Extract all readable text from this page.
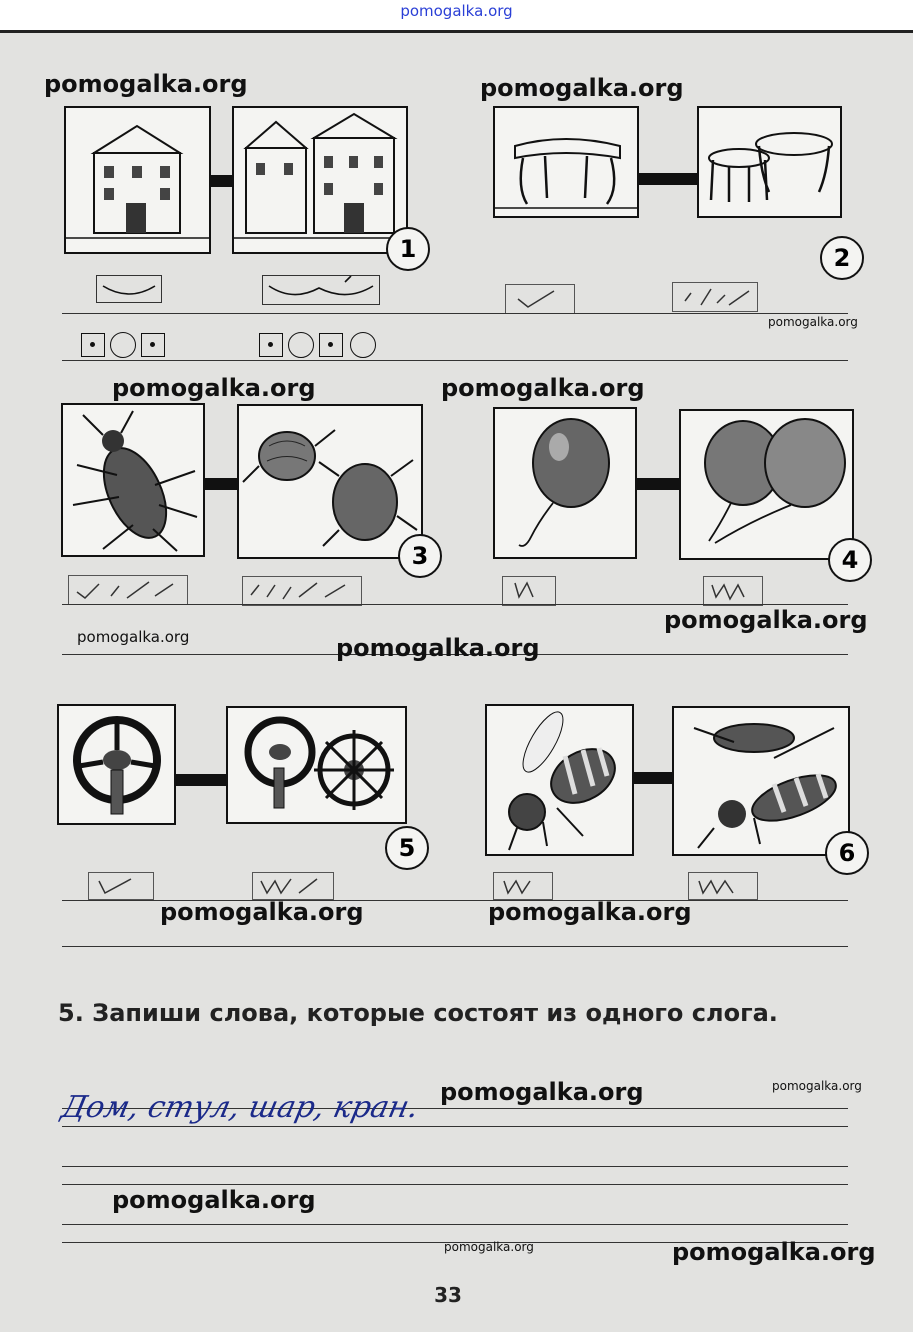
pomogalka.org
1	2
3	4
5	6
5. Запиши слова, которые состоят из одного слога.
Дом, стул, шар, кран.
33
pomogalka.org	pomogalka.org
pomogalka.org
pomogalka.org	pomogalka.org
pomogalka.org
pomogalka.org	pomogalka.org
pomogalka.org	pomogalka.org
pomogalka.org	pomogalka.org
pomogalka.org
pomogalka.org	pomogalka.org
